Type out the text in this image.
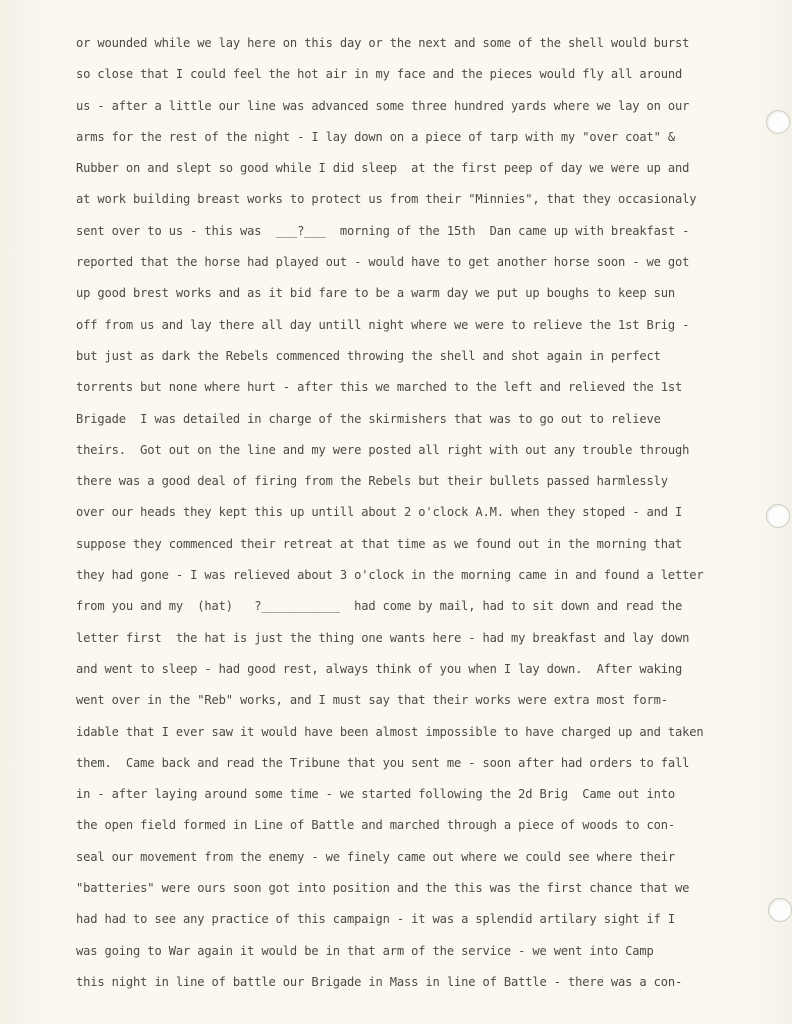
or wounded while we lay here on this day or the next and some of the shell would burst

so close that I could feel the hot air in my face and the pieces would fly all around

us - after a little our line was advanced some three hundred yards where we lay on our

arms for the rest of the night - I lay down on a piece of tarp with my "over coat" &

Rubber on and slept so good while I did sleep  at the first peep of day we were up and

at work building breast works to protect us from their "Minnies", that they occasionaly

sent over to us - this was  ___?___  morning of the 15th  Dan came up with breakfast -

reported that the horse had played out - would have to get another horse soon - we got

up good brest works and as it bid fare to be a warm day we put up boughs to keep sun

off from us and lay there all day untill night where we were to relieve the 1st Brig -

but just as dark the Rebels commenced throwing the shell and shot again in perfect

torrents but none where hurt - after this we marched to the left and relieved the 1st

Brigade  I was detailed in charge of the skirmishers that was to go out to relieve

theirs.  Got out on the line and my were posted all right with out any trouble through

there was a good deal of firing from the Rebels but their bullets passed harmlessly

over our heads they kept this up untill about 2 o'clock A.M. when they stoped - and I

suppose they commenced their retreat at that time as we found out in the morning that

they had gone - I was relieved about 3 o'clock in the morning came in and found a letter

from you and my  (hat)   ?___________  had come by mail, had to sit down and read the

letter first  the hat is just the thing one wants here - had my breakfast and lay down

and went to sleep - had good rest, always think of you when I lay down.  After waking

went over in the "Reb" works, and I must say that their works were extra most form-

idable that I ever saw it would have been almost impossible to have charged up and taken

them.  Came back and read the Tribune that you sent me - soon after had orders to fall

in - after laying around some time - we started following the 2d Brig  Came out into

the open field formed in Line of Battle and marched through a piece of woods to con-

seal our movement from the enemy - we finely came out where we could see where their

"batteries" were ours soon got into position and the this was the first chance that we

had had to see any practice of this campaign - it was a splendid artilary sight if I

was going to War again it would be in that arm of the service - we went into Camp

this night in line of battle our Brigade in Mass in line of Battle - there was a con-
